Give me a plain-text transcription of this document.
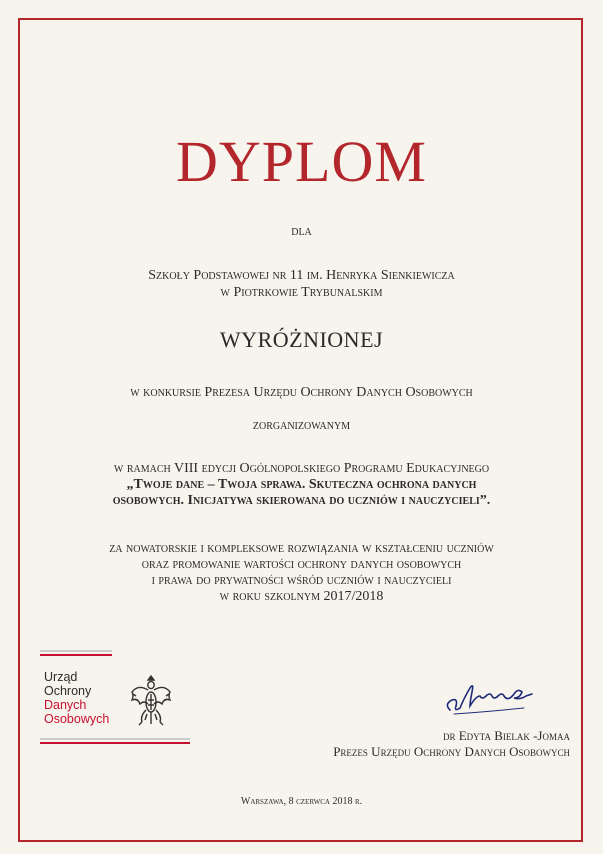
DYPLOM
dla
Szkoły Podstawowej nr 11 im. Henryka Sienkiewicza
w Piotrkowie Trybunalskim
WYRÓŻNIONEJ
w konkursie Prezesa Urzędu Ochrony Danych Osobowych
zorganizowanym
w ramach VIII edycji Ogólnopolskiego Programu Edukacyjnego
„Twoje dane – Twoja sprawa. Skuteczna ochrona danych
osobowych. Inicjatywa skierowana do uczniów i nauczycieli”.
za nowatorskie i kompleksowe rozwiązania w kształceniu uczniów
oraz promowanie wartości ochrony danych osobowych
i prawa do prywatności wśród uczniów i nauczycieli
w roku szkolnym 2017/2018
Urząd
Ochrony
Danych
Osobowych
dr Edyta Bielak -Jomaa
Prezes Urzędu Ochrony Danych Osobowych
Warszawa, 8 czerwca 2018 r.
